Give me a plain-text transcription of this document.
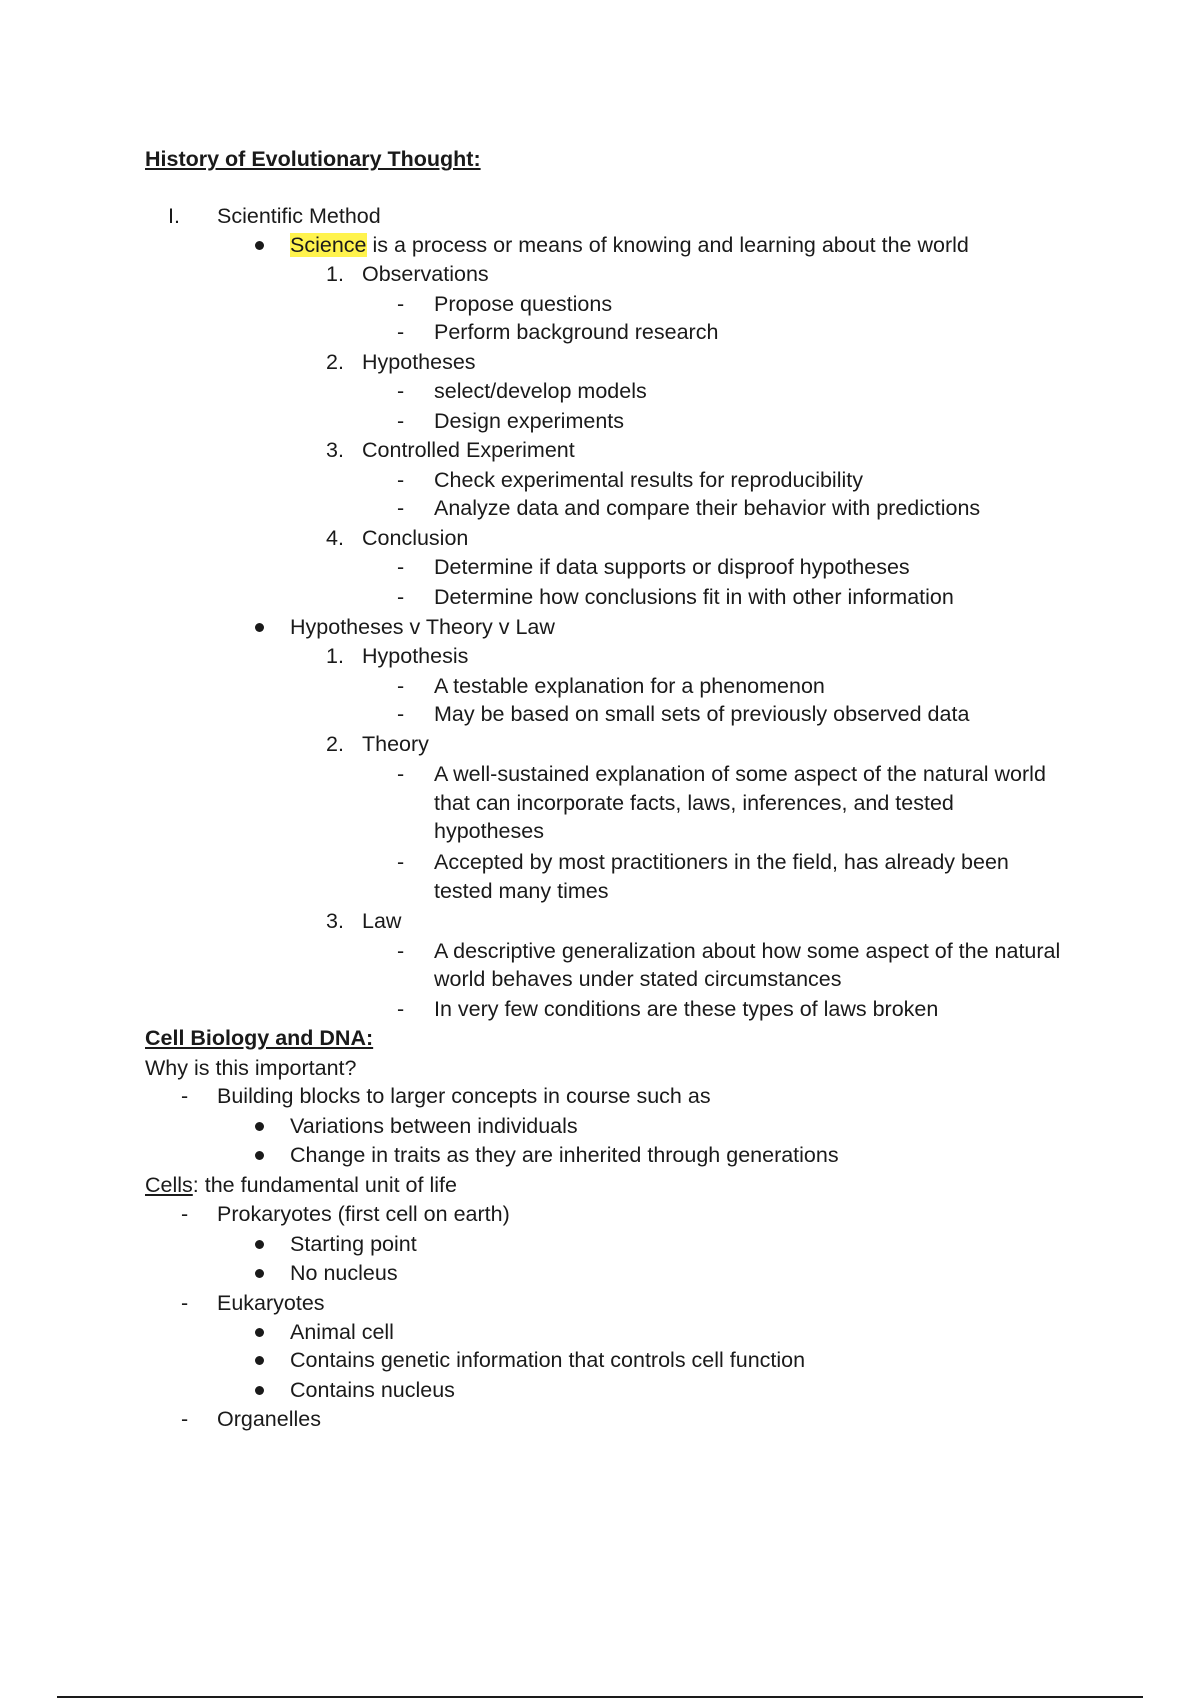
History of Evolutionary Thought:
I. Scientific Method
Science is a process or means of knowing and learning about the world
1. Observations
- Propose questions
- Perform background research
2. Hypotheses
- select/develop models
- Design experiments
3. Controlled Experiment
- Check experimental results for reproducibility
- Analyze data and compare their behavior with predictions
4. Conclusion
- Determine if data supports or disproof hypotheses
- Determine how conclusions fit in with other information
Hypotheses v Theory v Law
1. Hypothesis
- A testable explanation for a phenomenon
- May be based on small sets of previously observed data
2. Theory
- A well-sustained explanation of some aspect of the natural world
that can incorporate facts, laws, inferences, and tested
hypotheses
- Accepted by most practitioners in the field, has already been
tested many times
3. Law
- A descriptive generalization about how some aspect of the natural
world behaves under stated circumstances
- In very few conditions are these types of laws broken
Cell Biology and DNA:
Why is this important?
- Building blocks to larger concepts in course such as
Variations between individuals
Change in traits as they are inherited through generations
Cells: the fundamental unit of life
- Prokaryotes (first cell on earth)
Starting point
No nucleus
- Eukaryotes
Animal cell
Contains genetic information that controls cell function
Contains nucleus
- Organelles
